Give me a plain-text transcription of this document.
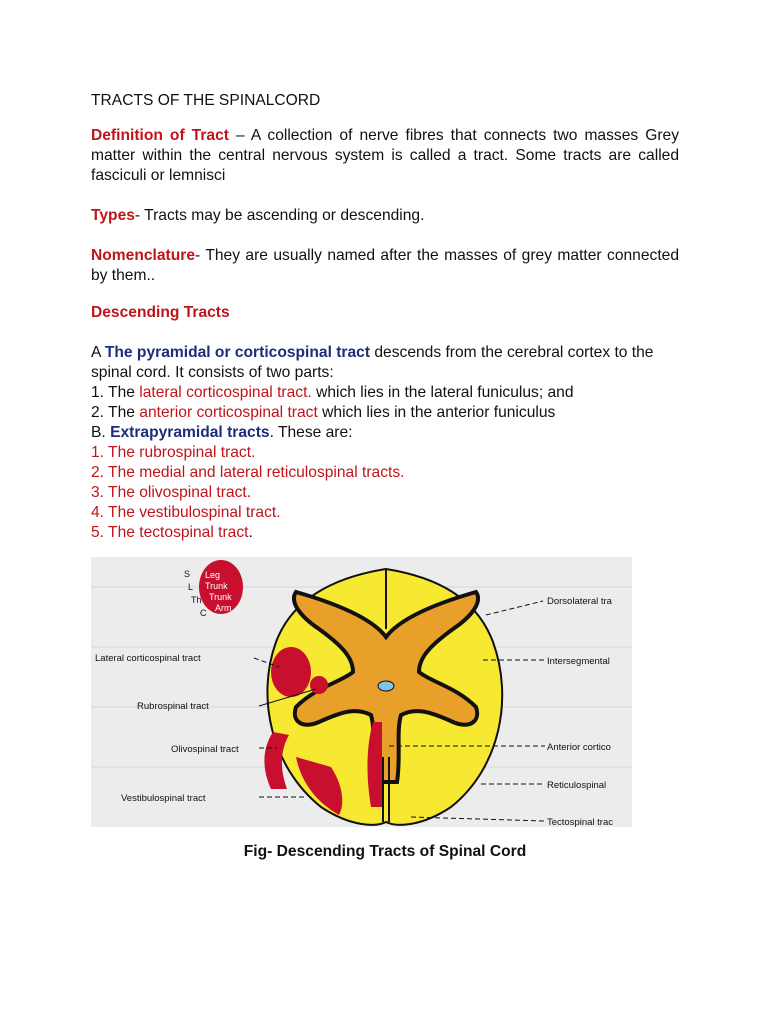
TRACTS OF THE SPINALCORD
Definition of Tract – A collection of nerve fibres that connects two masses Grey matter within the central nervous system is called a tract. Some tracts are called fasciculi or lemnisci
Types- Tracts may be ascending or descending.
Nomenclature- They are usually named after the masses of grey matter connected by them..
Descending Tracts
A The pyramidal or corticospinal tract descends from the cerebral cortex to the spinal cord. It consists of two parts:
1. The lateral corticospinal tract. which lies in the lateral funiculus; and
2. The anterior corticospinal tract which lies in the anterior funiculus
B. Extrapyramidal tracts. These are:
1. The rubrospinal tract.
2. The medial and lateral reticulospinal tracts.
3. The olivospinal tract.
4. The vestibulospinal tract.
5. The tectospinal tract.
S
L
Th
C
Leg
Trunk
Trunk
Arm
Lateral corticospinal tract
Rubrospinal tract
Olivospinal tract
Vestibulospinal tract
Dorsolateral tra
Intersegmental
Anterior cortico
Reticulospinal
Tectospinal trac
Fig- Descending Tracts of Spinal Cord
